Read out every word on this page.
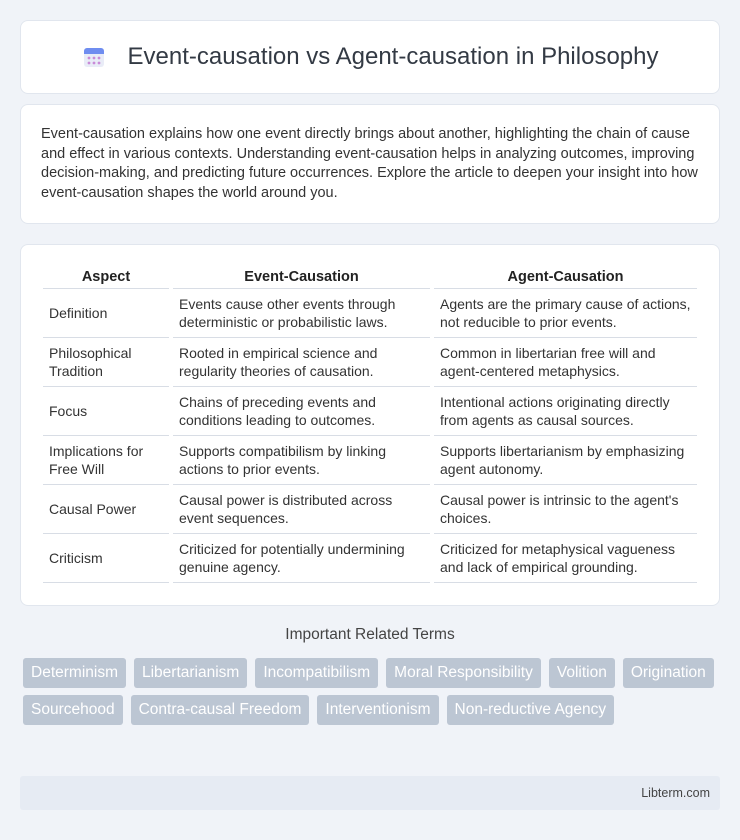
Event-causation vs Agent-causation in Philosophy

Event-causation explains how one event directly brings about another, highlighting the chain of cause and effect in various contexts. Understanding event-causation helps in analyzing outcomes, improving decision-making, and predicting future occurrences. Explore the article to deepen your insight into how event-causation shapes the world around you.

Aspect	Event-Causation	Agent-Causation
Definition	Events cause other events through deterministic or probabilistic laws.	Agents are the primary cause of actions, not reducible to prior events.
Philosophical Tradition	Rooted in empirical science and regularity theories of causation.	Common in libertarian free will and agent-centered metaphysics.
Focus	Chains of preceding events and conditions leading to outcomes.	Intentional actions originating directly from agents as causal sources.
Implications for Free Will	Supports compatibilism by linking actions to prior events.	Supports libertarianism by emphasizing agent autonomy.
Causal Power	Causal power is distributed across event sequences.	Causal power is intrinsic to the agent's choices.
Criticism	Criticized for potentially undermining genuine agency.	Criticized for metaphysical vagueness and lack of empirical grounding.
Important Related Terms
Determinism	Libertarianism	Incompatibilism	Moral Responsibility	Volition	Origination
Sourcehood	Contra-causal Freedom	Interventionism	Non-reductive Agency
Libterm.com
